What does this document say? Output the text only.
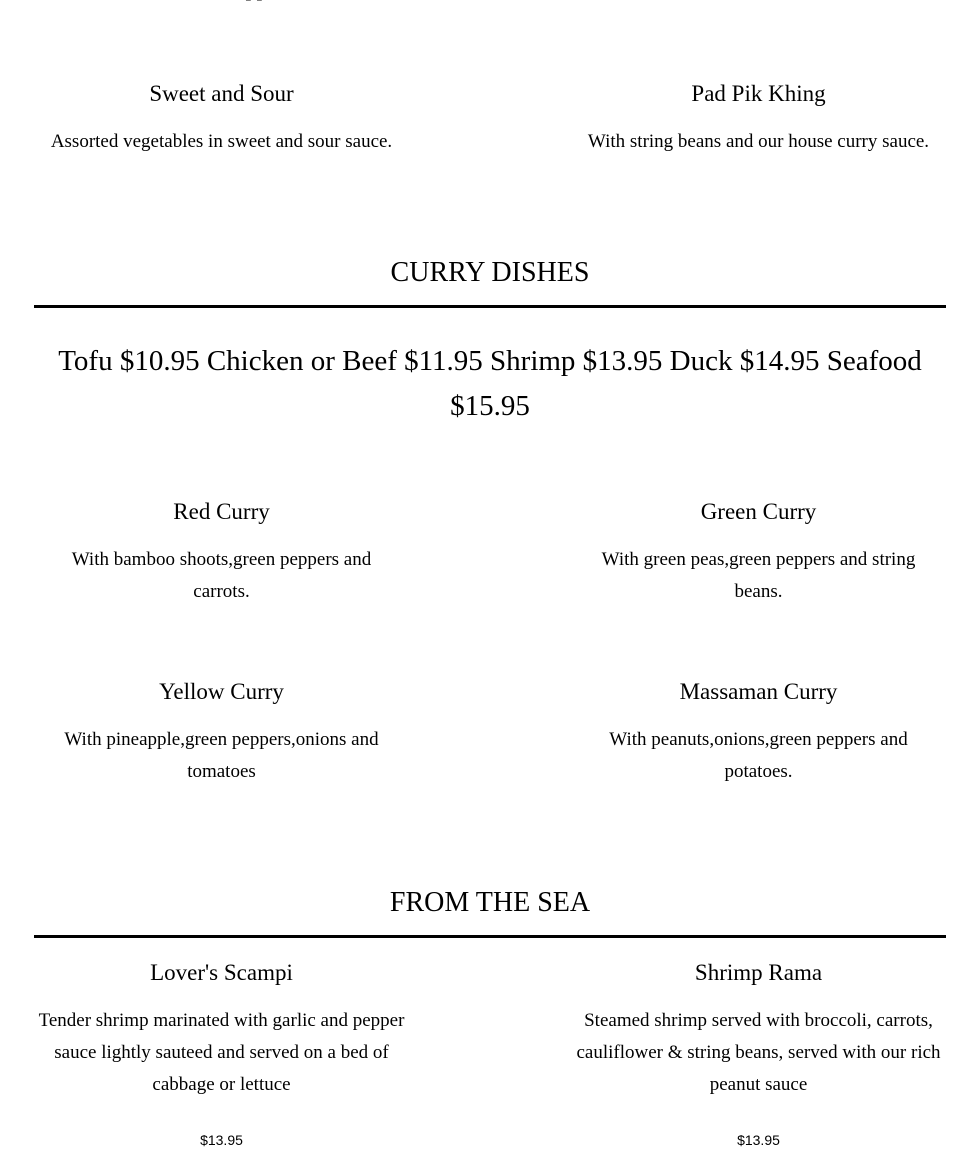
Sweet and Sour

Assorted vegetables in sweet and sour sauce.

Pad Pik Khing

With string beans and our house curry sauce.

CURRY DISHES
Tofu $10.95 Chicken or Beef $11.95 Shrimp $13.95 Duck $14.95 Seafood $15.95
Red Curry

With bamboo shoots,green peppers and carrots.

Green Curry

With green peas,green peppers and string beans.

Yellow Curry

With pineapple,green peppers,onions and tomatoes

Massaman Curry

With peanuts,onions,green peppers and potatoes.

FROM THE SEA
Lover's Scampi

Tender shrimp marinated with garlic and pepper sauce lightly sauteed and served on a bed of cabbage or lettuce

$13.95
Shrimp Rama

Steamed shrimp served with broccoli, carrots, cauliflower & string beans, served with our rich peanut sauce

$13.95
